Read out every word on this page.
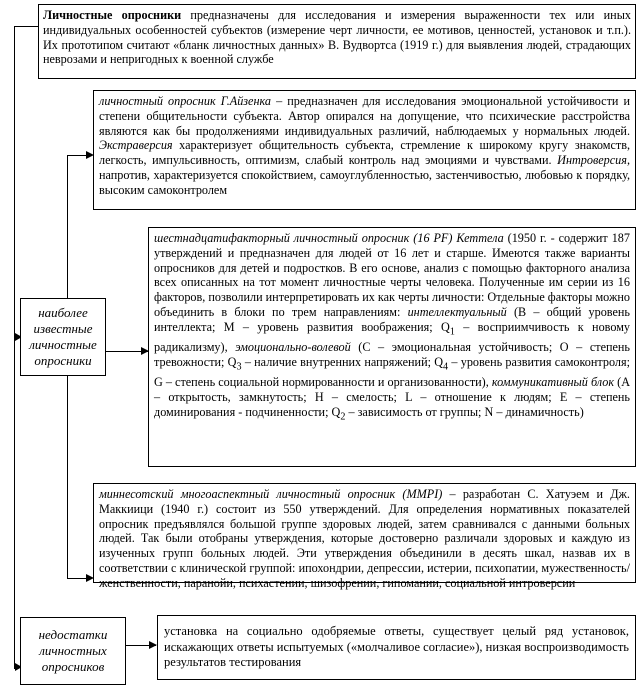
Личностные опросники предназначены для исследования и измерения выраженности тех или иных индивидуальных особенностей субъектов (измерение черт личности, ее мотивов, ценностей, установок и т.п.). Их прототипом считают «бланк личностных данных» В. Вудвортса (1919 г.) для выявления людей, страдающих неврозами и непригодных к военной службе
личностный опросник Г.Айзенка – предназначен для исследования эмоциональной устойчивости и степени общительности субъекта. Автор опирался на допущение, что психические расстройства являются как бы продолжениями индивидуальных различий, наблюдаемых у нормальных людей. Экстраверсия характеризует общительность субъекта, стремление к широкому кругу знакомств, легкость, импульсивность, оптимизм, слабый контроль над эмоциями и чувствами. Интроверсия, напротив, характеризуется спокойствием, самоуглубленностью, застенчивостью, любовью к порядку, высоким самоконтролем
наиболее известные личностные опросники
шестнадцатифакторный личностный опросник (16 PF) Кеттела (1950 г. - содержит 187 утверждений и предназначен для людей от 16 лет и старше. Имеются также варианты опросников для детей и подростков. В его основе, анализ с помощью факторного анализа всех описанных на тот момент личностные черты человека. Полученные им серии из 16 факторов, позволили интерпретировать их как черты личности: Отдельные факторы можно объединить в блоки по трем направлениям: интеллектуальный (В – общий уровень интеллекта; М – уровень развития воображения; $Q_1$ – восприимчивость к новому радикализму), эмоционально-волевой (С – эмоциональная устойчивость; О – степень тревожности; $Q_3$ – наличие внутренних напряжений; $Q_4$ – уровень развития самоконтроля; G – степень социальной нормированности и организованности), коммуникативный блок (А – открытость, замкнутость; Н – смелость; L – отношение к людям; Е – степень доминирования - подчиненности; $Q_2$ – зависимость от группы; N – динамичность)
миннесотский многоаспектный личностный опросник (MMPI) – разработан С. Хатуэем и Дж. Маккиици (1940 г.) состоит из 550 утверждений. Для определения нормативных показателей опросник предъявлялся большой группе здоровых людей, затем сравнивался с данными больных людей. Так были отобраны утверждения, которые достоверно различали здоровых и каждую из изученных групп больных людей. Эти утверждения объединили в десять шкал, назвав их в соответствии с клинической группой: ипохондрии, депрессии, истерии, психопатии, мужественность/ женственности, паранойи, психастении, шизофрении, гипомании, социальной интроверсии
недостатки личностных опросников
установка на социально одобряемые ответы, существует целый ряд установок, искажающих ответы испытуемых («молчаливое согласие»), низкая воспроизводимость результатов тестирования
